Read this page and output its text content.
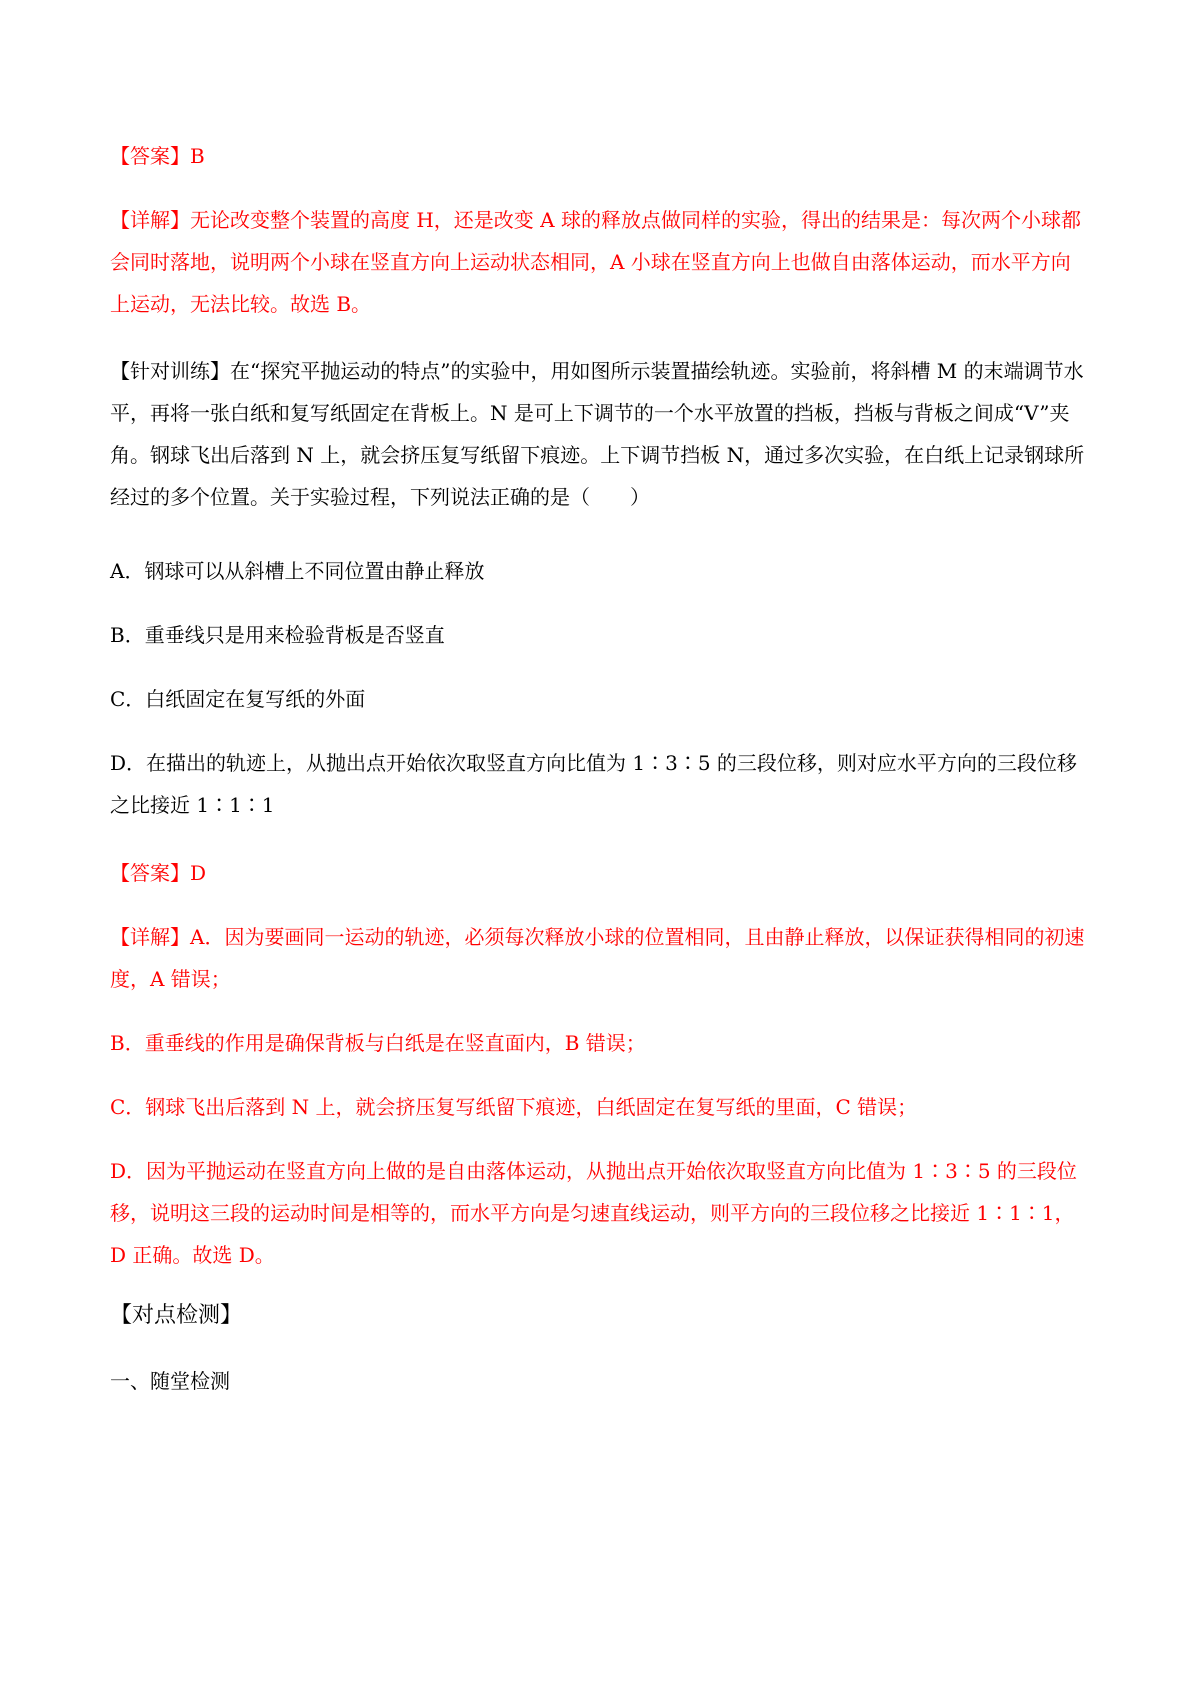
【答案】B

【详解】无论改变整个装置的高度 H，还是改变 A 球的释放点做同样的实验，得出的结果是：每次两个小球都会同时落地，说明两个小球在竖直方向上运动状态相同，A 小球在竖直方向上也做自由落体运动，而水平方向上运动，无法比较。故选 B。

【针对训练】在“探究平抛运动的特点”的实验中，用如图所示装置描绘轨迹。实验前，将斜槽 M 的末端调节水平，再将一张白纸和复写纸固定在背板上。N 是可上下调节的一个水平放置的挡板，挡板与背板之间成“V”夹角。钢球飞出后落到 N 上，就会挤压复写纸留下痕迹。上下调节挡板 N，通过多次实验，在白纸上记录钢球所经过的多个位置。关于实验过程，下列说法正确的是（　　）

A．钢球可以从斜槽上不同位置由静止释放

B．重垂线只是用来检验背板是否竖直

C．白纸固定在复写纸的外面

D．在描出的轨迹上，从抛出点开始依次取竖直方向比值为 1∶3∶5 的三段位移，则对应水平方向的三段位移之比接近 1∶1∶1

【答案】D

【详解】A．因为要画同一运动的轨迹，必须每次释放小球的位置相同，且由静止释放，以保证获得相同的初速度，A 错误；

B．重垂线的作用是确保背板与白纸是在竖直面内，B 错误；

C．钢球飞出后落到 N 上，就会挤压复写纸留下痕迹，白纸固定在复写纸的里面，C 错误；

D．因为平抛运动在竖直方向上做的是自由落体运动，从抛出点开始依次取竖直方向比值为 1∶3∶5 的三段位移，说明这三段的运动时间是相等的，而水平方向是匀速直线运动，则平方向的三段位移之比接近 1∶1∶1，D 正确。故选 D。

【对点检测】

一、随堂检测
